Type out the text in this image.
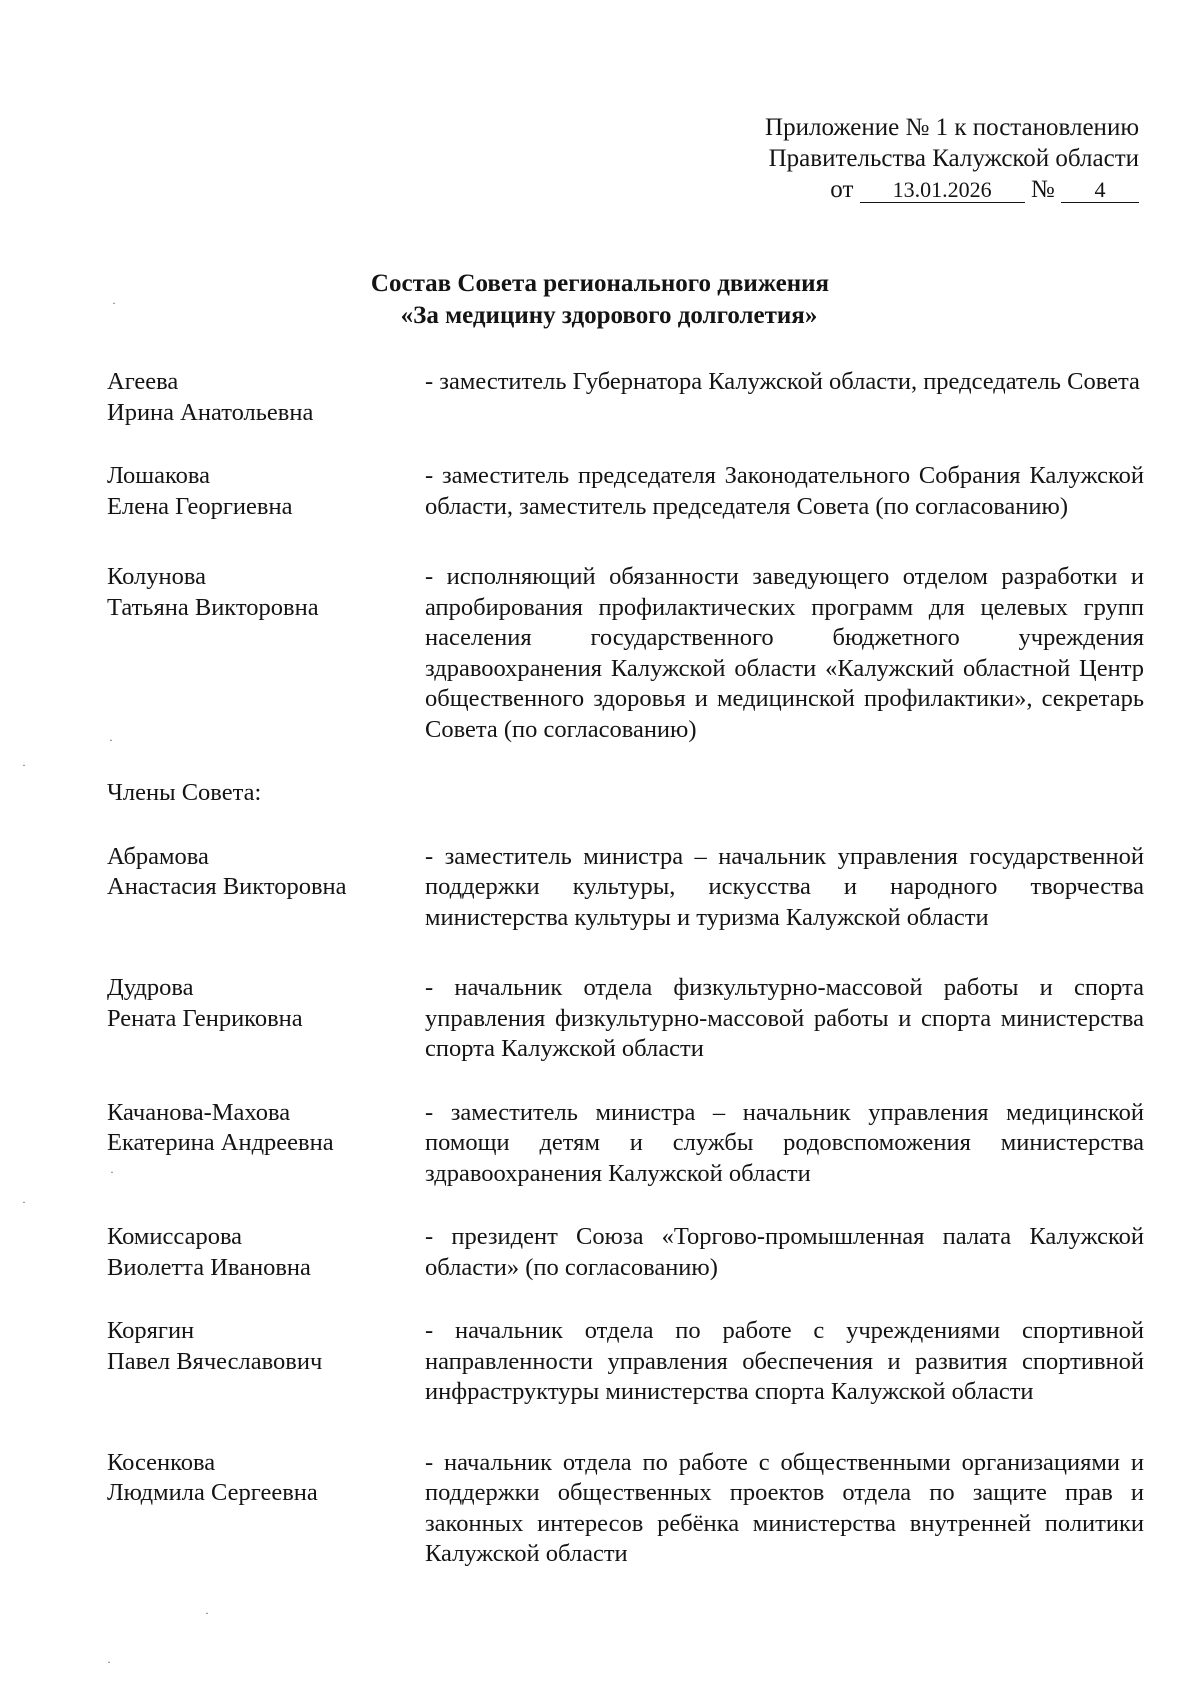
Приложение № 1 к постановлению
Правительства Калужской области
от 13.01.2026 № 4
Состав Совета регионального движения
«За медицину здорового долголетия»
Агеева
Ирина Анатольевна
- заместитель Губернатора Калужской области, председатель Совета
Лошакова
Елена Георгиевна
- заместитель председателя Законодательного Собрания Калужской области, заместитель председателя Совета (по согласованию)
Колунова
Татьяна Викторовна
- исполняющий обязанности заведующего отделом разработки и апробирования профилактических программ для целевых групп населения государственного бюджетного учреждения здравоохранения Калужской области «Калужский областной Центр общественного здоровья и медицинской профилактики», секретарь Совета (по согласованию)
Члены Совета:
Абрамова
Анастасия Викторовна
- заместитель министра – начальник управления государственной поддержки культуры, искусства и народного творчества министерства культуры и туризма Калужской области
Дудрова
Рената Генриковна
- начальник отдела физкультурно-массовой работы и спорта управления физкультурно-массовой работы и спорта министерства спорта Калужской области
Качанова-Махова
Екатерина Андреевна
- заместитель министра – начальник управления медицинской помощи детям и службы родовспоможения министерства здравоохранения Калужской области
Комиссарова
Виолетта Ивановна
- президент Союза «Торгово-промышленная палата Калужской области» (по согласованию)
Корягин
Павел Вячеславович
- начальник отдела по работе с учреждениями спортивной направленности управления обеспечения и развития спортивной инфраструктуры министерства спорта Калужской области
Косенкова
Людмила Сергеевна
- начальник отдела по работе с общественными организациями и поддержки общественных проектов отдела по защите прав и законных интересов ребёнка министерства внутренней политики Калужской области
·
·
·
·
·
·
·
